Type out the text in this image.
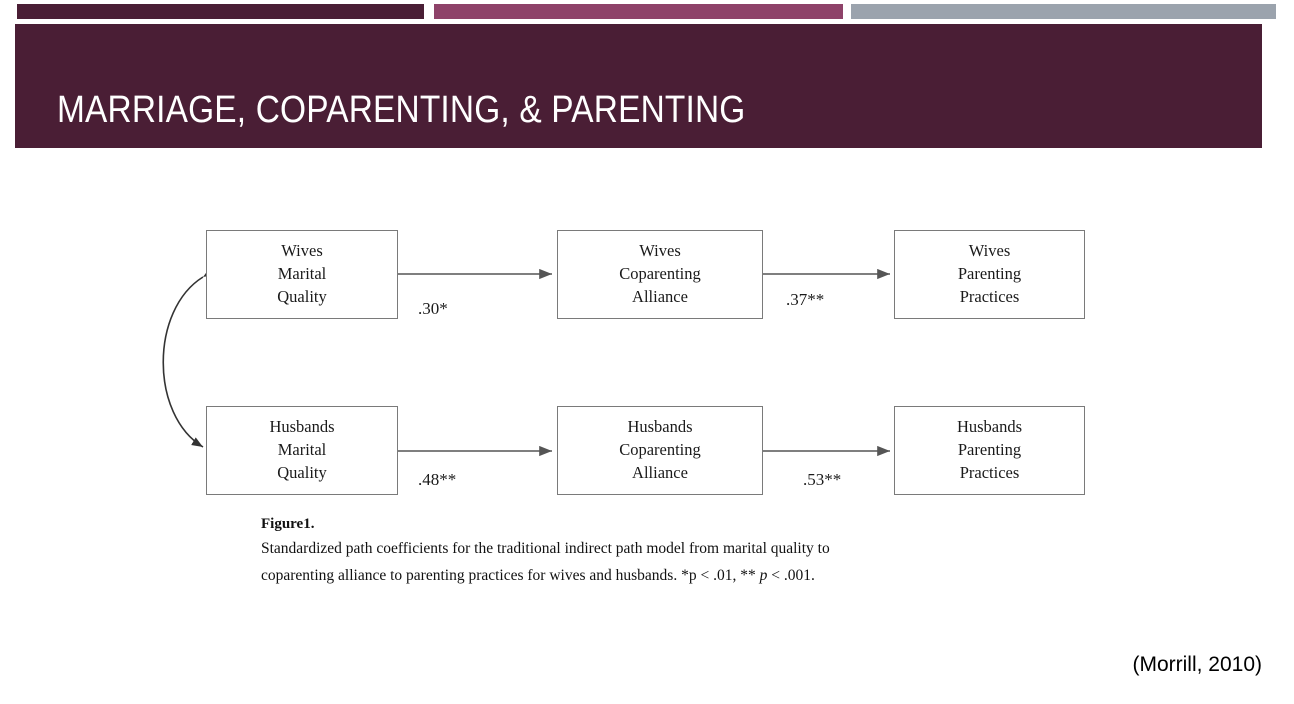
MARRIAGE, COPARENTING, & PARENTING
Wives
Marital
Quality
Wives
Coparenting
Alliance
Wives
Parenting
Practices
Husbands
Marital
Quality
Husbands
Coparenting
Alliance
Husbands
Parenting
Practices
.30*	.37**
.48**	.53**
Figure1.
Standardized path coefficients for the traditional indirect path model from marital quality to
coparenting alliance to parenting practices for wives and husbands. *p < .01, ** p < .001.
(Morrill, 2010)
